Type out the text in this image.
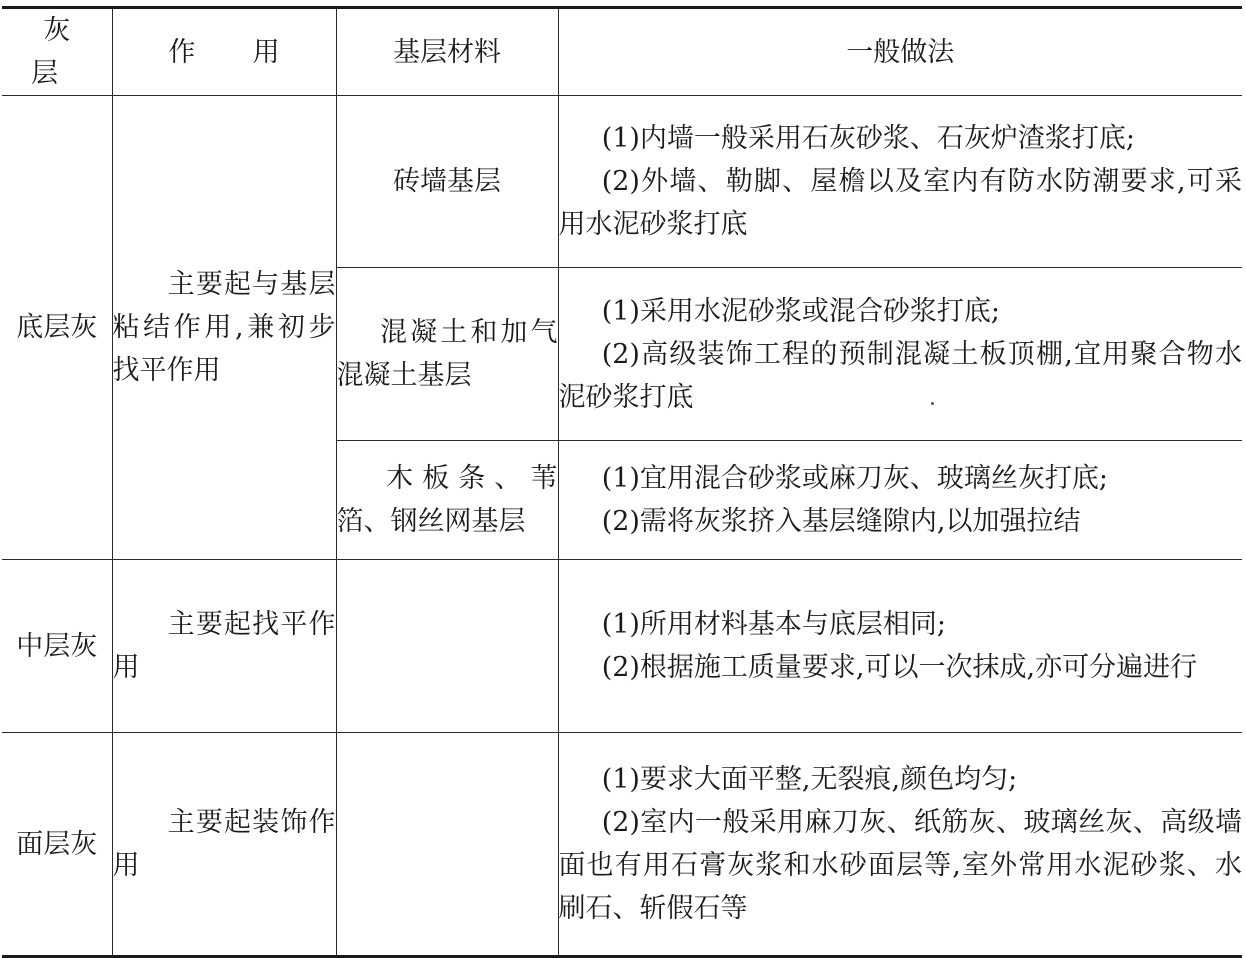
灰 层	作 用	基层材料	一般做法
底层灰	主要起与基层粘结作用,兼初步找平作用	砖墙基层	(1)内墙一般采用石灰砂浆、石灰炉渣浆打底;

(2)外墙、勒脚、屋檐以及室内有防水防潮要求,可采用水泥砂浆打底

		混凝土和加气混凝土基层	(1)采用水泥砂浆或混合砂浆打底;

(2)高级装饰工程的预制混凝土板顶棚,宜用聚合物水泥砂浆打底

		木板条、苇箔、钢丝网基层	(1)宜用混合砂浆或麻刀灰、玻璃丝灰打底;

(2)需将灰浆挤入基层缝隙内,以加强拉结

中层灰	主要起找平作用		(1)所用材料基本与底层相同;

(2)根据施工质量要求,可以一次抹成,亦可分遍进行

面层灰	主要起装饰作用		(1)要求大面平整,无裂痕,颜色均匀;

(2)室内一般采用麻刀灰、纸筋灰、玻璃丝灰、高级墙面也有用石膏灰浆和水砂面层等,室外常用水泥砂浆、水刷石、斩假石等
